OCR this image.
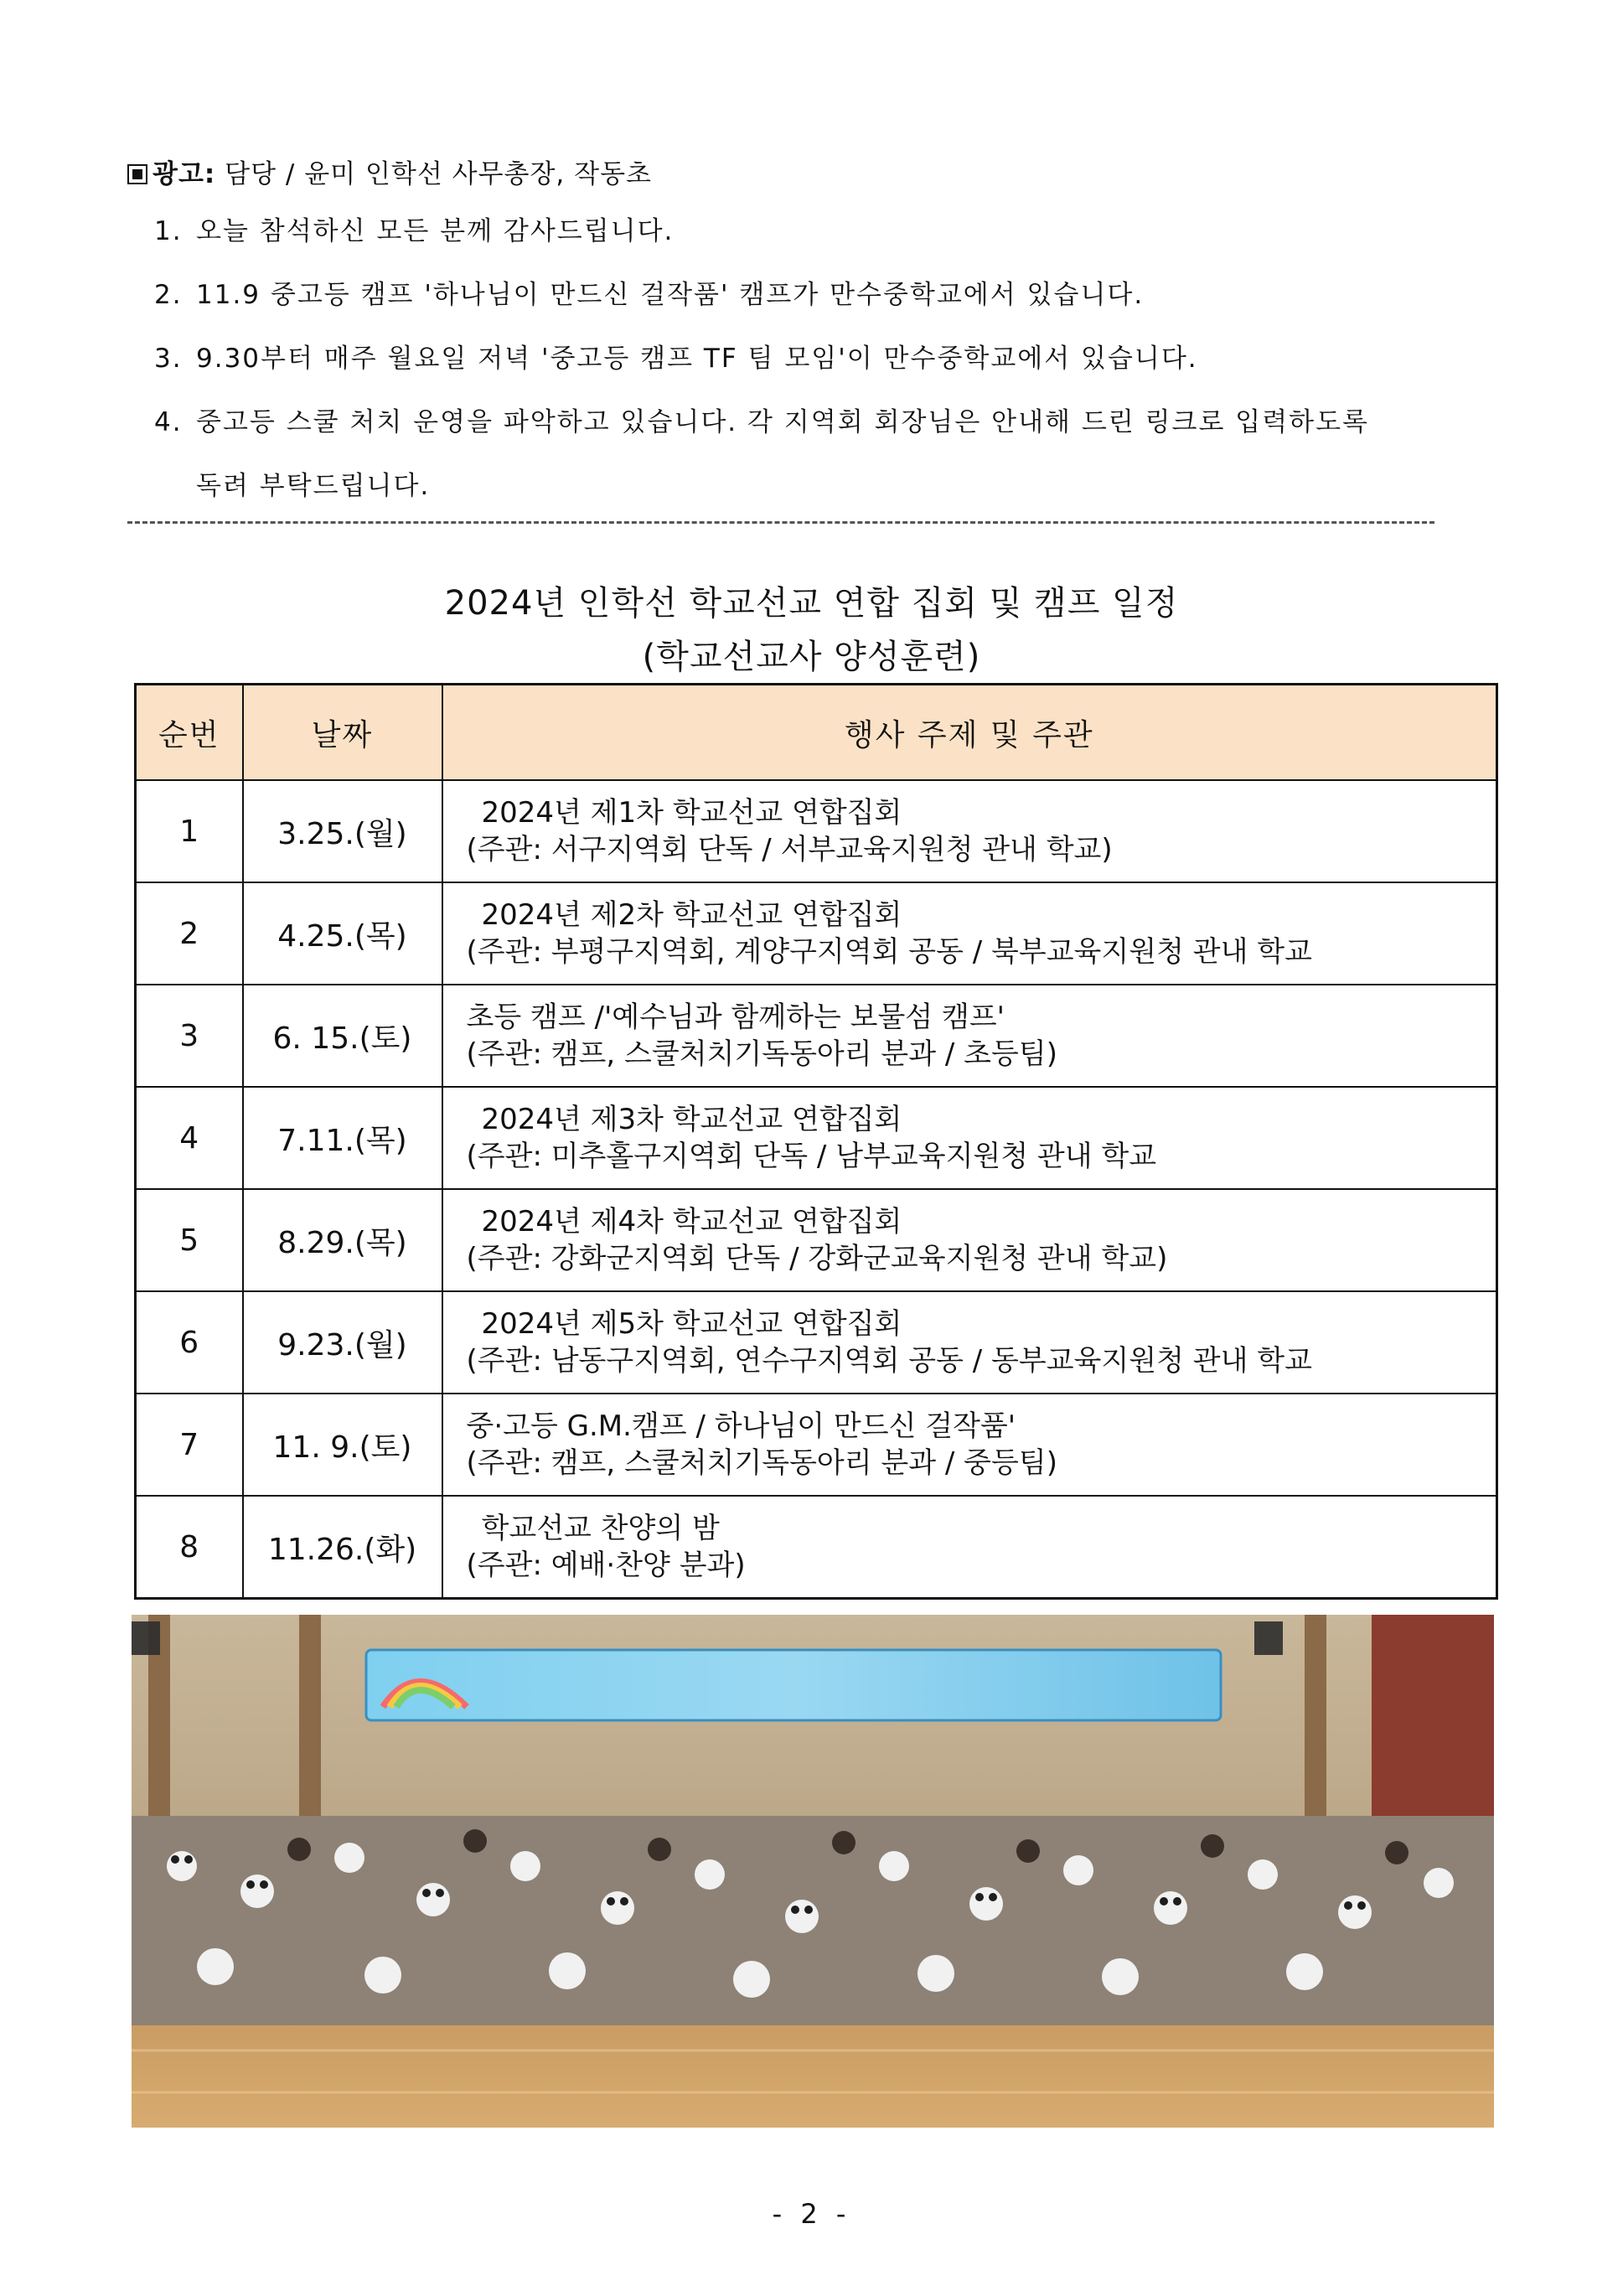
광고: 담당 / 윤미 인학선 사무총장, 작동초
1. 오늘 참석하신 모든 분께 감사드립니다.
2. 11.9 중고등 캠프 '하나님이 만드신 걸작품' 캠프가 만수중학교에서 있습니다.
3. 9.30부터 매주 월요일 저녁 '중고등 캠프 TF 팀 모임'이 만수중학교에서 있습니다.
4. 중고등 스쿨 처치 운영을 파악하고 있습니다. 각 지역회 회장님은 안내해 드린 링크로 입력하도록
독려 부탁드립니다.
2024년 인학선 학교선교 연합 집회 및 캠프 일정
(학교선교사 양성훈련)
순번	날짜	행사 주제 및 주관
1	3.25.(월)	2024년 제1차 학교선교 연합집회
(주관: 서구지역회 단독 / 서부교육지원청 관내 학교)

2	4.25.(목)	2024년 제2차 학교선교 연합집회
(주관: 부평구지역회, 계양구지역회 공동 / 북부교육지원청 관내 학교

3	6. 15.(토)	초등 캠프 /'예수님과 함께하는 보물섬 캠프'
(주관: 캠프, 스쿨처치기독동아리 분과 / 초등팀)

4	7.11.(목)	2024년 제3차 학교선교 연합집회
(주관: 미추홀구지역회 단독 / 남부교육지원청 관내 학교

5	8.29.(목)	2024년 제4차 학교선교 연합집회
(주관: 강화군지역회 단독 / 강화군교육지원청 관내 학교)

6	9.23.(월)	2024년 제5차 학교선교 연합집회
(주관: 남동구지역회, 연수구지역회 공동 / 동부교육지원청 관내 학교

7	11. 9.(토)	중·고등 G.M.캠프 / 하나님이 만드신 걸작품'
(주관: 캠프, 스쿨처치기독동아리 분과 / 중등팀)

8	11.26.(화)	학교선교 찬양의 밤
(주관: 예배·찬양 분과)
- 2 -
